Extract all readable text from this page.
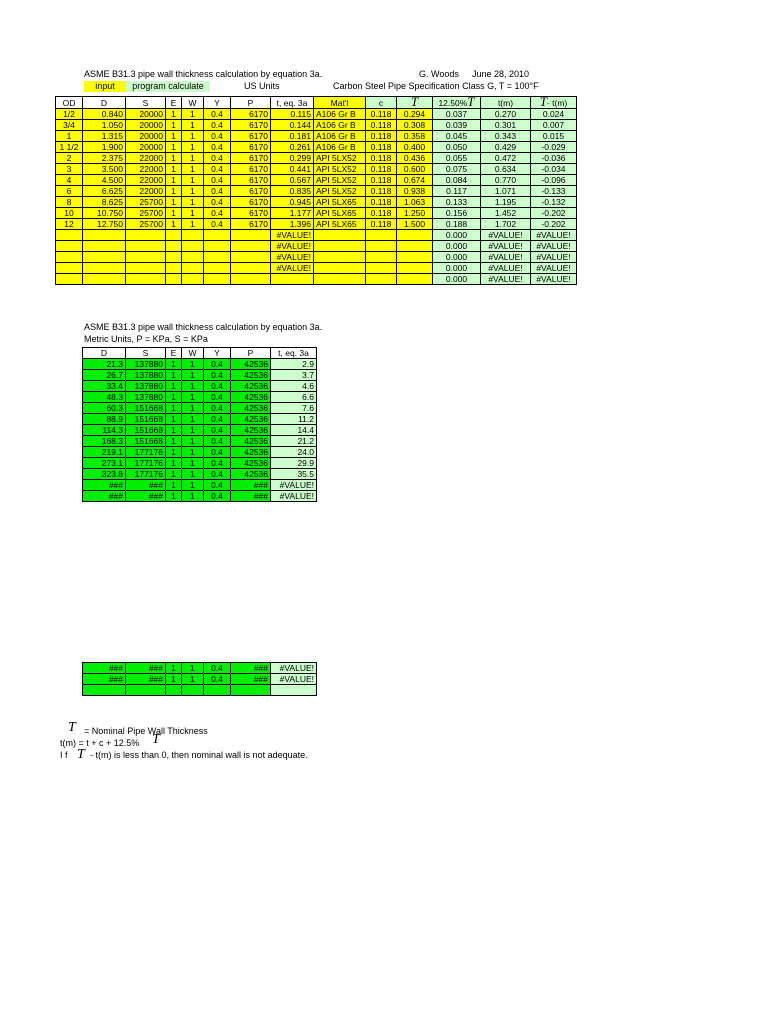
ASME B31.3 pipe wall thickness calculation by equation 3a.	G. Woods June 28, 2010
input	program calculate	US Units	Carbon Steel Pipe Specification Class G, T = 100°F
OD	D	S	E	W	Y	P	t, eq. 3a	Mat'l	c	T	12.50%T	t(m)	T- t(m)
1/2	0.840	20000	1	1	0.4	6170	0.115	A106 Gr B	0.118	0.294	0.037	0.270	0.024
3/4	1.050	20000	1	1	0.4	6170	0.144	A106 Gr B	0.118	0.308	0.039	0.301	0.007
1	1.315	20000	1	1	0.4	6170	0.181	A106 Gr B	0.118	0.358	0.045	0.343	0.015
1 1/2	1.900	20000	1	1	0.4	6170	0.261	A106 Gr B	0.118	0.400	0.050	0.429	-0.029
2	2.375	22000	1	1	0.4	6170	0.299	API 5LX52	0.118	0.436	0.055	0.472	-0.036
3	3.500	22000	1	1	0.4	6170	0.441	API 5LX52	0.118	0.600	0.075	0.634	-0.034
4	4.500	22000	1	1	0.4	6170	0.567	API 5LX52	0.118	0.674	0.084	0.770	-0.096
6	6.625	22000	1	1	0.4	6170	0.835	API 5LX52	0.118	0.938	0.117	1.071	-0.133
8	8.625	25700	1	1	0.4	6170	0.945	API 5LX65	0.118	1.063	0.133	1.195	-0.132
10	10.750	25700	1	1	0.4	6170	1.177	API 5LX65	0.118	1.250	0.156	1.452	-0.202
12	12.750	25700	1	1	0.4	6170	1.396	API 5LX65	0.118	1.500	0.188	1.702	-0.202
							#VALUE!				0.000	#VALUE!	#VALUE!
							#VALUE!				0.000	#VALUE!	#VALUE!
							#VALUE!				0.000	#VALUE!	#VALUE!
							#VALUE!				0.000	#VALUE!	#VALUE!
											0.000	#VALUE!	#VALUE!
ASME B31.3 pipe wall thickness calculation by equation 3a.
Metric Units, P = KPa, S = KPa
D	S	E	W	Y	P	t, eq. 3a
21.3	137880	1	1	0.4	42536	2.9
26.7	137880	1	1	0.4	42536	3.7
33.4	137880	1	1	0.4	42536	4.6
48.3	137880	1	1	0.4	42536	6.6
60.3	151668	1	1	0.4	42536	7.6
88.9	151668	1	1	0.4	42536	11.2
114.3	151668	1	1	0.4	42536	14.4
168.3	151668	1	1	0.4	42536	21.2
219.1	177176	1	1	0.4	42536	24.0
273.1	177176	1	1	0.4	42536	29.9
323.8	177176	1	1	0.4	42536	35.5
###	###	1	1	0.4	###	#VALUE!
###	###	1	1	0.4	###	#VALUE!
###	###	1	1	0.4	###	#VALUE!
###	###	1	1	0.4	###	#VALUE!

T = Nominal Pipe Wall Thickness
t(m) = t + c + 12.5% T
I f T - t(m) is less than 0, then nominal wall is not adequate.
